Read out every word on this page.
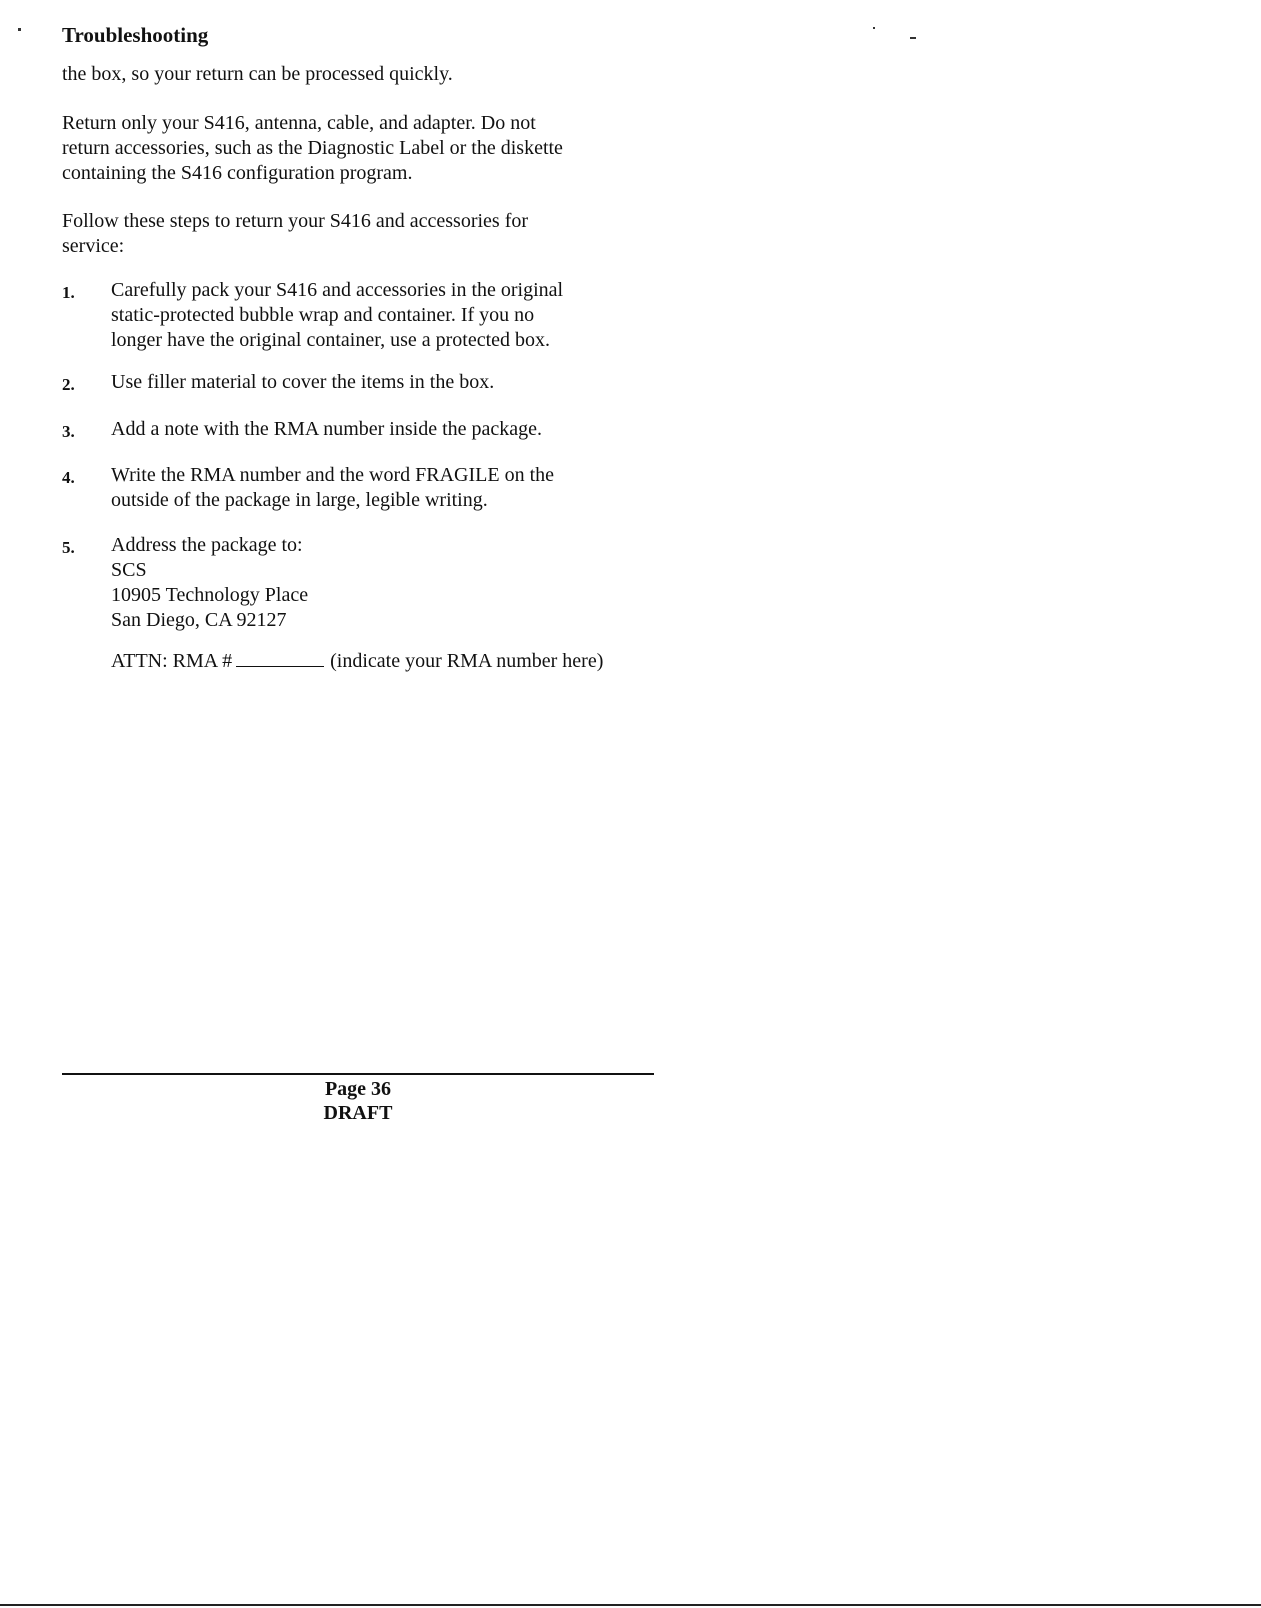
Troubleshooting
the box, so your return can be processed quickly.
Return only your S416, antenna, cable, and adapter. Do not
return accessories, such as the Diagnostic Label or the diskette
containing the S416 configuration program.
Follow these steps to return your S416 and accessories for
service:
1.	Carefully pack your S416 and accessories in the original
static-protected bubble wrap and container. If you no
longer have the original container, use a protected box.
2.	Use filler material to cover the items in the box.
3.	Add a note with the RMA number inside the package.
4.	Write the RMA number and the word FRAGILE on the
outside of the package in large, legible writing.
5.	Address the package to:
SCS
10905 Technology Place
San Diego, CA 92127
ATTN: RMA #	(indicate your RMA number here)
Page 36
DRAFT
